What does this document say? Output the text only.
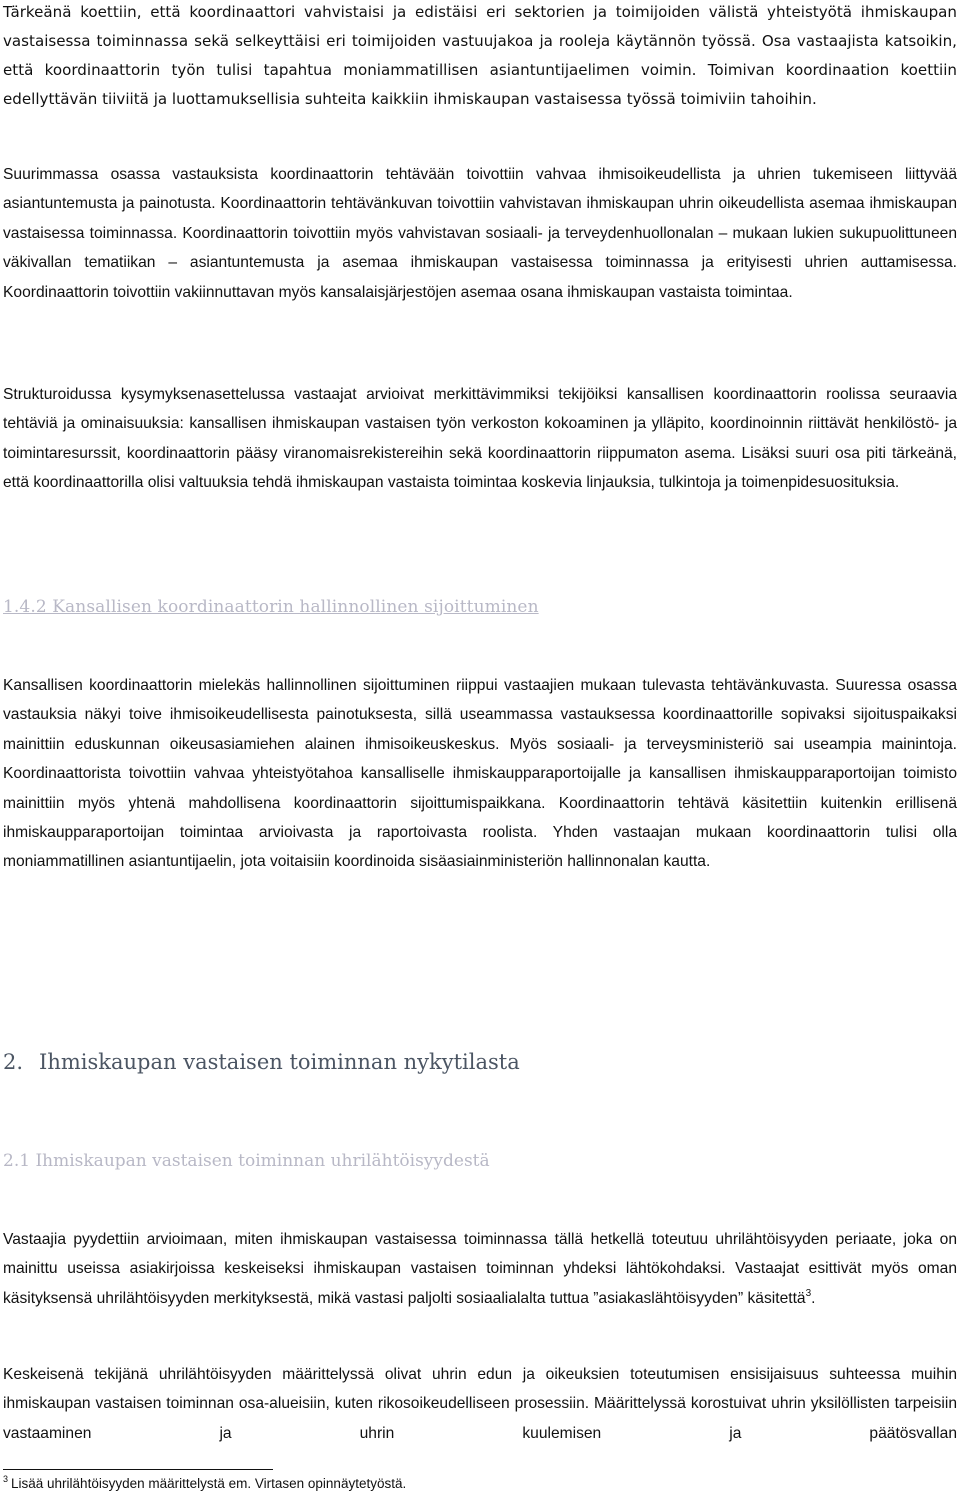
Tärkeänä koettiin, että koordinaattori vahvistaisi ja edistäisi eri sektorien ja toimijoiden välistä yhteistyötä ihmiskaupan vastaisessa toiminnassa sekä selkeyttäisi eri toimijoiden vastuujakoa ja rooleja käytännön työssä. Osa vastaajista katsoikin, että koordinaattorin työn tulisi tapahtua moniammatillisen asiantuntijaelimen voimin. Toimivan koordinaation koettiin edellyttävän tiiviitä ja luottamuksellisia suhteita kaikkiin ihmiskaupan vastaisessa työssä toimiviin tahoihin.

Suurimmassa osassa vastauksista koordinaattorin tehtävään toivottiin vahvaa ihmisoikeudellista ja uhrien tukemiseen liittyvää asiantuntemusta ja painotusta. Koordinaattorin tehtävänkuvan toivottiin vahvistavan ihmiskaupan uhrin oikeudellista asemaa ihmiskaupan vastaisessa toiminnassa. Koordinaattorin toivottiin myös vahvistavan sosiaali- ja terveydenhuollonalan – mukaan lukien sukupuolittuneen väkivallan tematiikan – asiantuntemusta ja asemaa ihmiskaupan vastaisessa toiminnassa ja erityisesti uhrien auttamisessa. Koordinaattorin toivottiin vakiinnuttavan myös kansalaisjärjestöjen asemaa osana ihmiskaupan vastaista toimintaa.

Strukturoidussa kysymyksenasettelussa vastaajat arvioivat merkittävimmiksi tekijöiksi kansallisen koordinaattorin roolissa seuraavia tehtäviä ja ominaisuuksia: kansallisen ihmiskaupan vastaisen työn verkoston kokoaminen ja ylläpito, koordinoinnin riittävät henkilöstö- ja toimintaresurssit, koordinaattorin pääsy viranomaisrekistereihin sekä koordinaattorin riippumaton asema. Lisäksi suuri osa piti tärkeänä, että koordinaattorilla olisi valtuuksia tehdä ihmiskaupan vastaista toimintaa koskevia linjauksia, tulkintoja ja toimenpidesuosituksia.

1.4.2 Kansallisen koordinaattorin hallinnollinen sijoittuminen

Kansallisen koordinaattorin mielekäs hallinnollinen sijoittuminen riippui vastaajien mukaan tulevasta tehtävänkuvasta. Suuressa osassa vastauksia näkyi toive ihmisoikeudellisesta painotuksesta, sillä useammassa vastauksessa koordinaattorille sopivaksi sijoituspaikaksi mainittiin eduskunnan oikeusasiamiehen alainen ihmisoikeuskeskus. Myös sosiaali- ja terveysministeriö sai useampia mainintoja. Koordinaattorista toivottiin vahvaa yhteistyötahoa kansalliselle ihmiskaupparaportoijalle ja kansallisen ihmiskaupparaportoijan toimisto mainittiin myös yhtenä mahdollisena koordinaattorin sijoittumispaikkana. Koordinaattorin tehtävä käsitettiin kuitenkin erillisenä ihmiskaupparaportoijan toimintaa arvioivasta ja raportoivasta roolista. Yhden vastaajan mukaan koordinaattorin tulisi olla moniammatillinen asiantuntijaelin, jota voitaisiin koordinoida sisäasiainministeriön hallinnonalan kautta.

2. Ihmiskaupan vastaisen toiminnan nykytilasta
2.1 Ihmiskaupan vastaisen toiminnan uhrilähtöisyydestä

Vastaajia pyydettiin arvioimaan, miten ihmiskaupan vastaisessa toiminnassa tällä hetkellä toteutuu uhrilähtöisyyden periaate, joka on mainittu useissa asiakirjoissa keskeiseksi ihmiskaupan vastaisen toiminnan yhdeksi lähtökohdaksi. Vastaajat esittivät myös oman käsityksensä uhrilähtöisyyden merkityksestä, mikä vastasi paljolti sosiaalialalta tuttua ”asiakaslähtöisyyden” käsitettä$^3$.

Keskeisenä tekijänä uhrilähtöisyyden määrittelyssä olivat uhrin edun ja oikeuksien toteutumisen ensisijaisuus suhteessa muihin ihmiskaupan vastaisen toiminnan osa-alueisiin, kuten rikosoikeudelliseen prosessiin. Määrittelyssä korostuivat uhrin yksilöllisten tarpeisiin vastaaminen ja uhrin kuulemisen ja päätösvallan

$^3$ Lisää uhrilähtöisyyden määrittelystä em. Virtasen opinnäytetyöstä.
